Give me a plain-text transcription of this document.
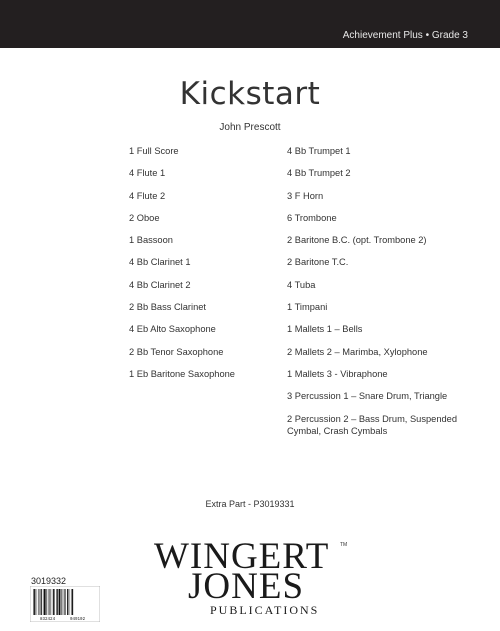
Achievement Plus • Grade 3
Kickstart
John Prescott
1 Full Score
4 Flute 1
4 Flute 2
2 Oboe
1 Bassoon
4 Bb Clarinet 1
4 Bb Clarinet 2
2 Bb Bass Clarinet
4 Eb Alto Saxophone
2 Bb Tenor Saxophone
1 Eb Baritone Saxophone
4 Bb Trumpet 1
4 Bb Trumpet 2
3 F Horn
6 Trombone
2 Baritone B.C. (opt. Trombone 2)
2 Baritone T.C.
4 Tuba
1 Timpani
1 Mallets 1 – Bells
2 Mallets 2 – Marimba, Xylophone
1 Mallets 3 - Vibraphone
3 Percussion 1 – Snare Drum, Triangle
2 Percussion 2 – Bass Drum, Suspended Cymbal, Crash Cymbals
Extra Part - P3019331
WINGERT TM
JONES
PUBLICATIONS
3019332
832424	049102
